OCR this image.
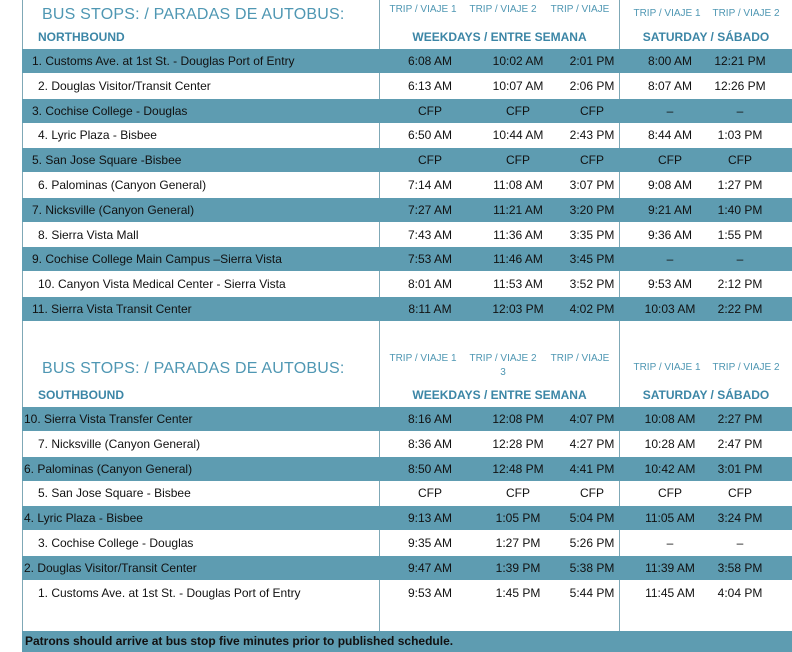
BUS STOPS: / PARADAS DE AUTOBUS:
NORTHBOUND
TRIP / VIAJE 1	TRIP / VIAJE 2	TRIP / VIAJE	TRIP / VIAJE 1	TRIP / VIAJE 2
WEEKDAYS / ENTRE SEMANA	SATURDAY / SÁBADO
1. Customs Ave. at 1st St. - Douglas Port of Entry	6:08 AM	10:02 AM	2:01 PM	8:00 AM	12:21 PM
2. Douglas Visitor/Transit Center	6:13 AM	10:07 AM	2:06 PM	8:07 AM	12:26 PM
3. Cochise College - Douglas	CFP	CFP	CFP	–	–
4. Lyric Plaza - Bisbee	6:50 AM	10:44 AM	2:43 PM	8:44 AM	1:03 PM
5. San Jose Square -Bisbee	CFP	CFP	CFP	CFP	CFP
6. Palominas (Canyon General)	7:14 AM	11:08 AM	3:07 PM	9:08 AM	1:27 PM
7. Nicksville (Canyon General)	7:27 AM	11:21 AM	3:20 PM	9:21 AM	1:40 PM
8. Sierra Vista Mall	7:43 AM	11:36 AM	3:35 PM	9:36 AM	1:55 PM
9. Cochise College Main Campus –Sierra Vista	7:53 AM	11:46 AM	3:45 PM	–	–
10. Canyon Vista Medical Center - Sierra Vista	8:01 AM	11:53 AM	3:52 PM	9:53 AM	2:12 PM
11. Sierra Vista Transit Center	8:11 AM	12:03 PM	4:02 PM	10:03 AM	2:22 PM
BUS STOPS: / PARADAS DE AUTOBUS:
SOUTHBOUND
TRIP / VIAJE 1	TRIP / VIAJE 2
3
TRIP / VIAJE
TRIP / VIAJE 1	TRIP / VIAJE 2
WEEKDAYS / ENTRE SEMANA	SATURDAY / SÁBADO
10. Sierra Vista Transfer Center	8:16 AM	12:08 PM	4:07 PM	10:08 AM	2:27 PM
7. Nicksville (Canyon General)	8:36 AM	12:28 PM	4:27 PM	10:28 AM	2:47 PM
6. Palominas (Canyon General)	8:50 AM	12:48 PM	4:41 PM	10:42 AM	3:01 PM
5. San Jose Square - Bisbee	CFP	CFP	CFP	CFP	CFP
4. Lyric Plaza - Bisbee	9:13 AM	1:05 PM	5:04 PM	11:05 AM	3:24 PM
3. Cochise College - Douglas	9:35 AM	1:27 PM	5:26 PM	–	–
2. Douglas Visitor/Transit Center	9:47 AM	1:39 PM	5:38 PM	11:39 AM	3:58 PM
1. Customs Ave. at 1st St. - Douglas Port of Entry	9:53 AM	1:45 PM	5:44 PM	11:45 AM	4:04 PM
Patrons should arrive at bus stop five minutes prior to published schedule.
